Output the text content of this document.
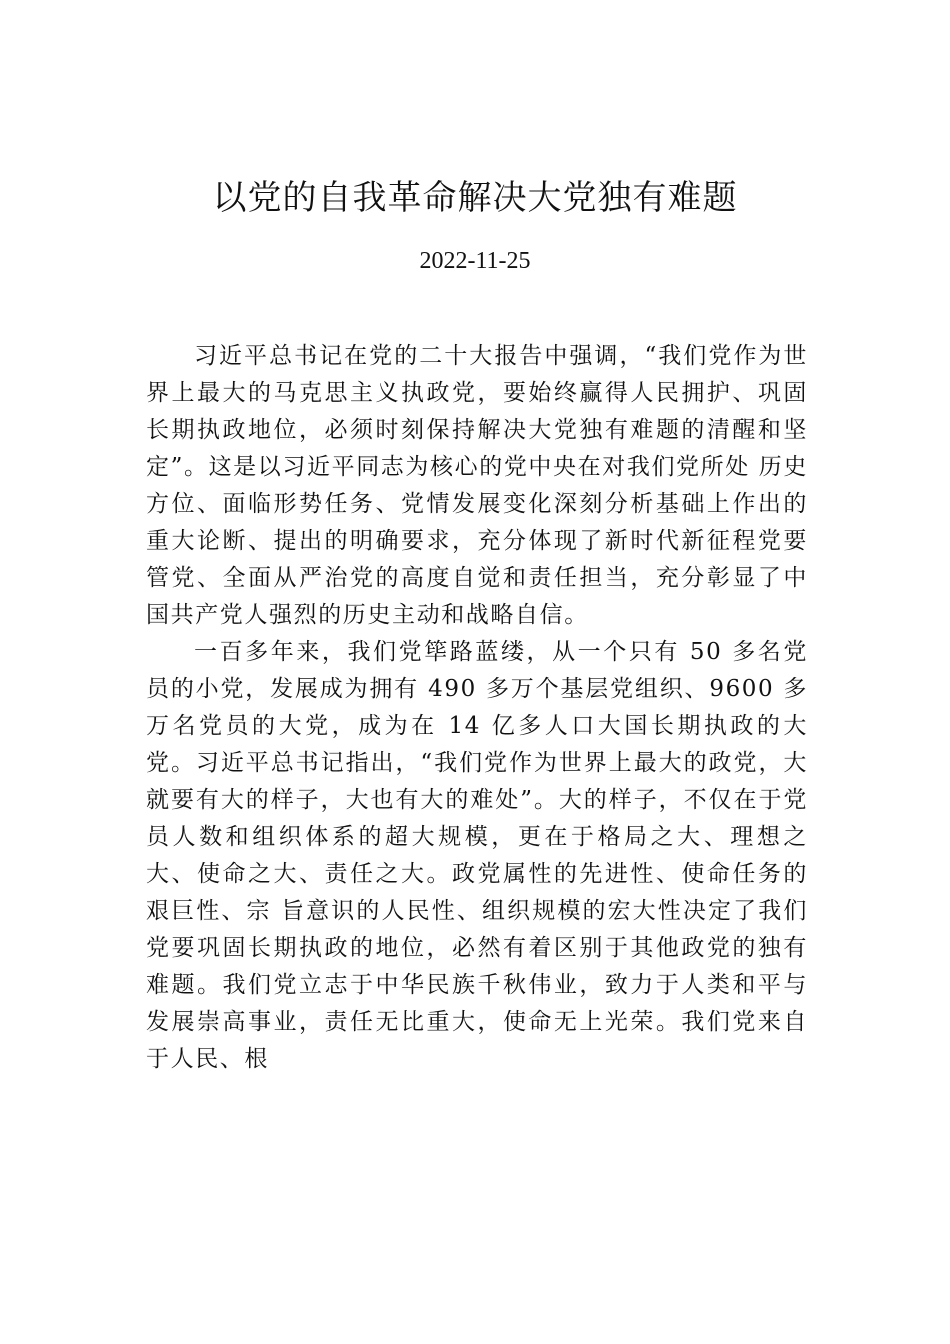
以党的自我革命解决大党独有难题
2022-11-25

习近平总书记在党的二十大报告中强调，“我们党作为世界上最大的马克思主义执政党，要始终赢得人民拥护、巩固长期执政地位，必须时刻保持解决大党独有难题的清醒和坚定”。这是以习近平同志为核心的党中央在对我们党所处 历史方位、面临形势任务、党情发展变化深刻分析基础上作出的重大论断、提出的明确要求，充分体现了新时代新征程党要管党、全面从严治党的高度自觉和责任担当，充分彰显了中国共产党人强烈的历史主动和战略自信。

一百多年来，我们党筚路蓝缕，从一个只有 50 多名党员的小党，发展成为拥有 490 多万个基层党组织、9600 多万名党员的大党，成为在 14 亿多人口大国长期执政的大党。习近平总书记指出，“我们党作为世界上最大的政党，大就要有大的样子，大也有大的难处”。大的样子，不仅在于党员人数和组织体系的超大规模，更在于格局之大、理想之大、使命之大、责任之大。政党属性的先进性、使命任务的艰巨性、宗 旨意识的人民性、组织规模的宏大性决定了我们党要巩固长期执政的地位，必然有着区别于其他政党的独有难题。我们党立志于中华民族千秋伟业，致力于人类和平与发展崇高事业，责任无比重大，使命无上光荣。我们党来自于人民、根
